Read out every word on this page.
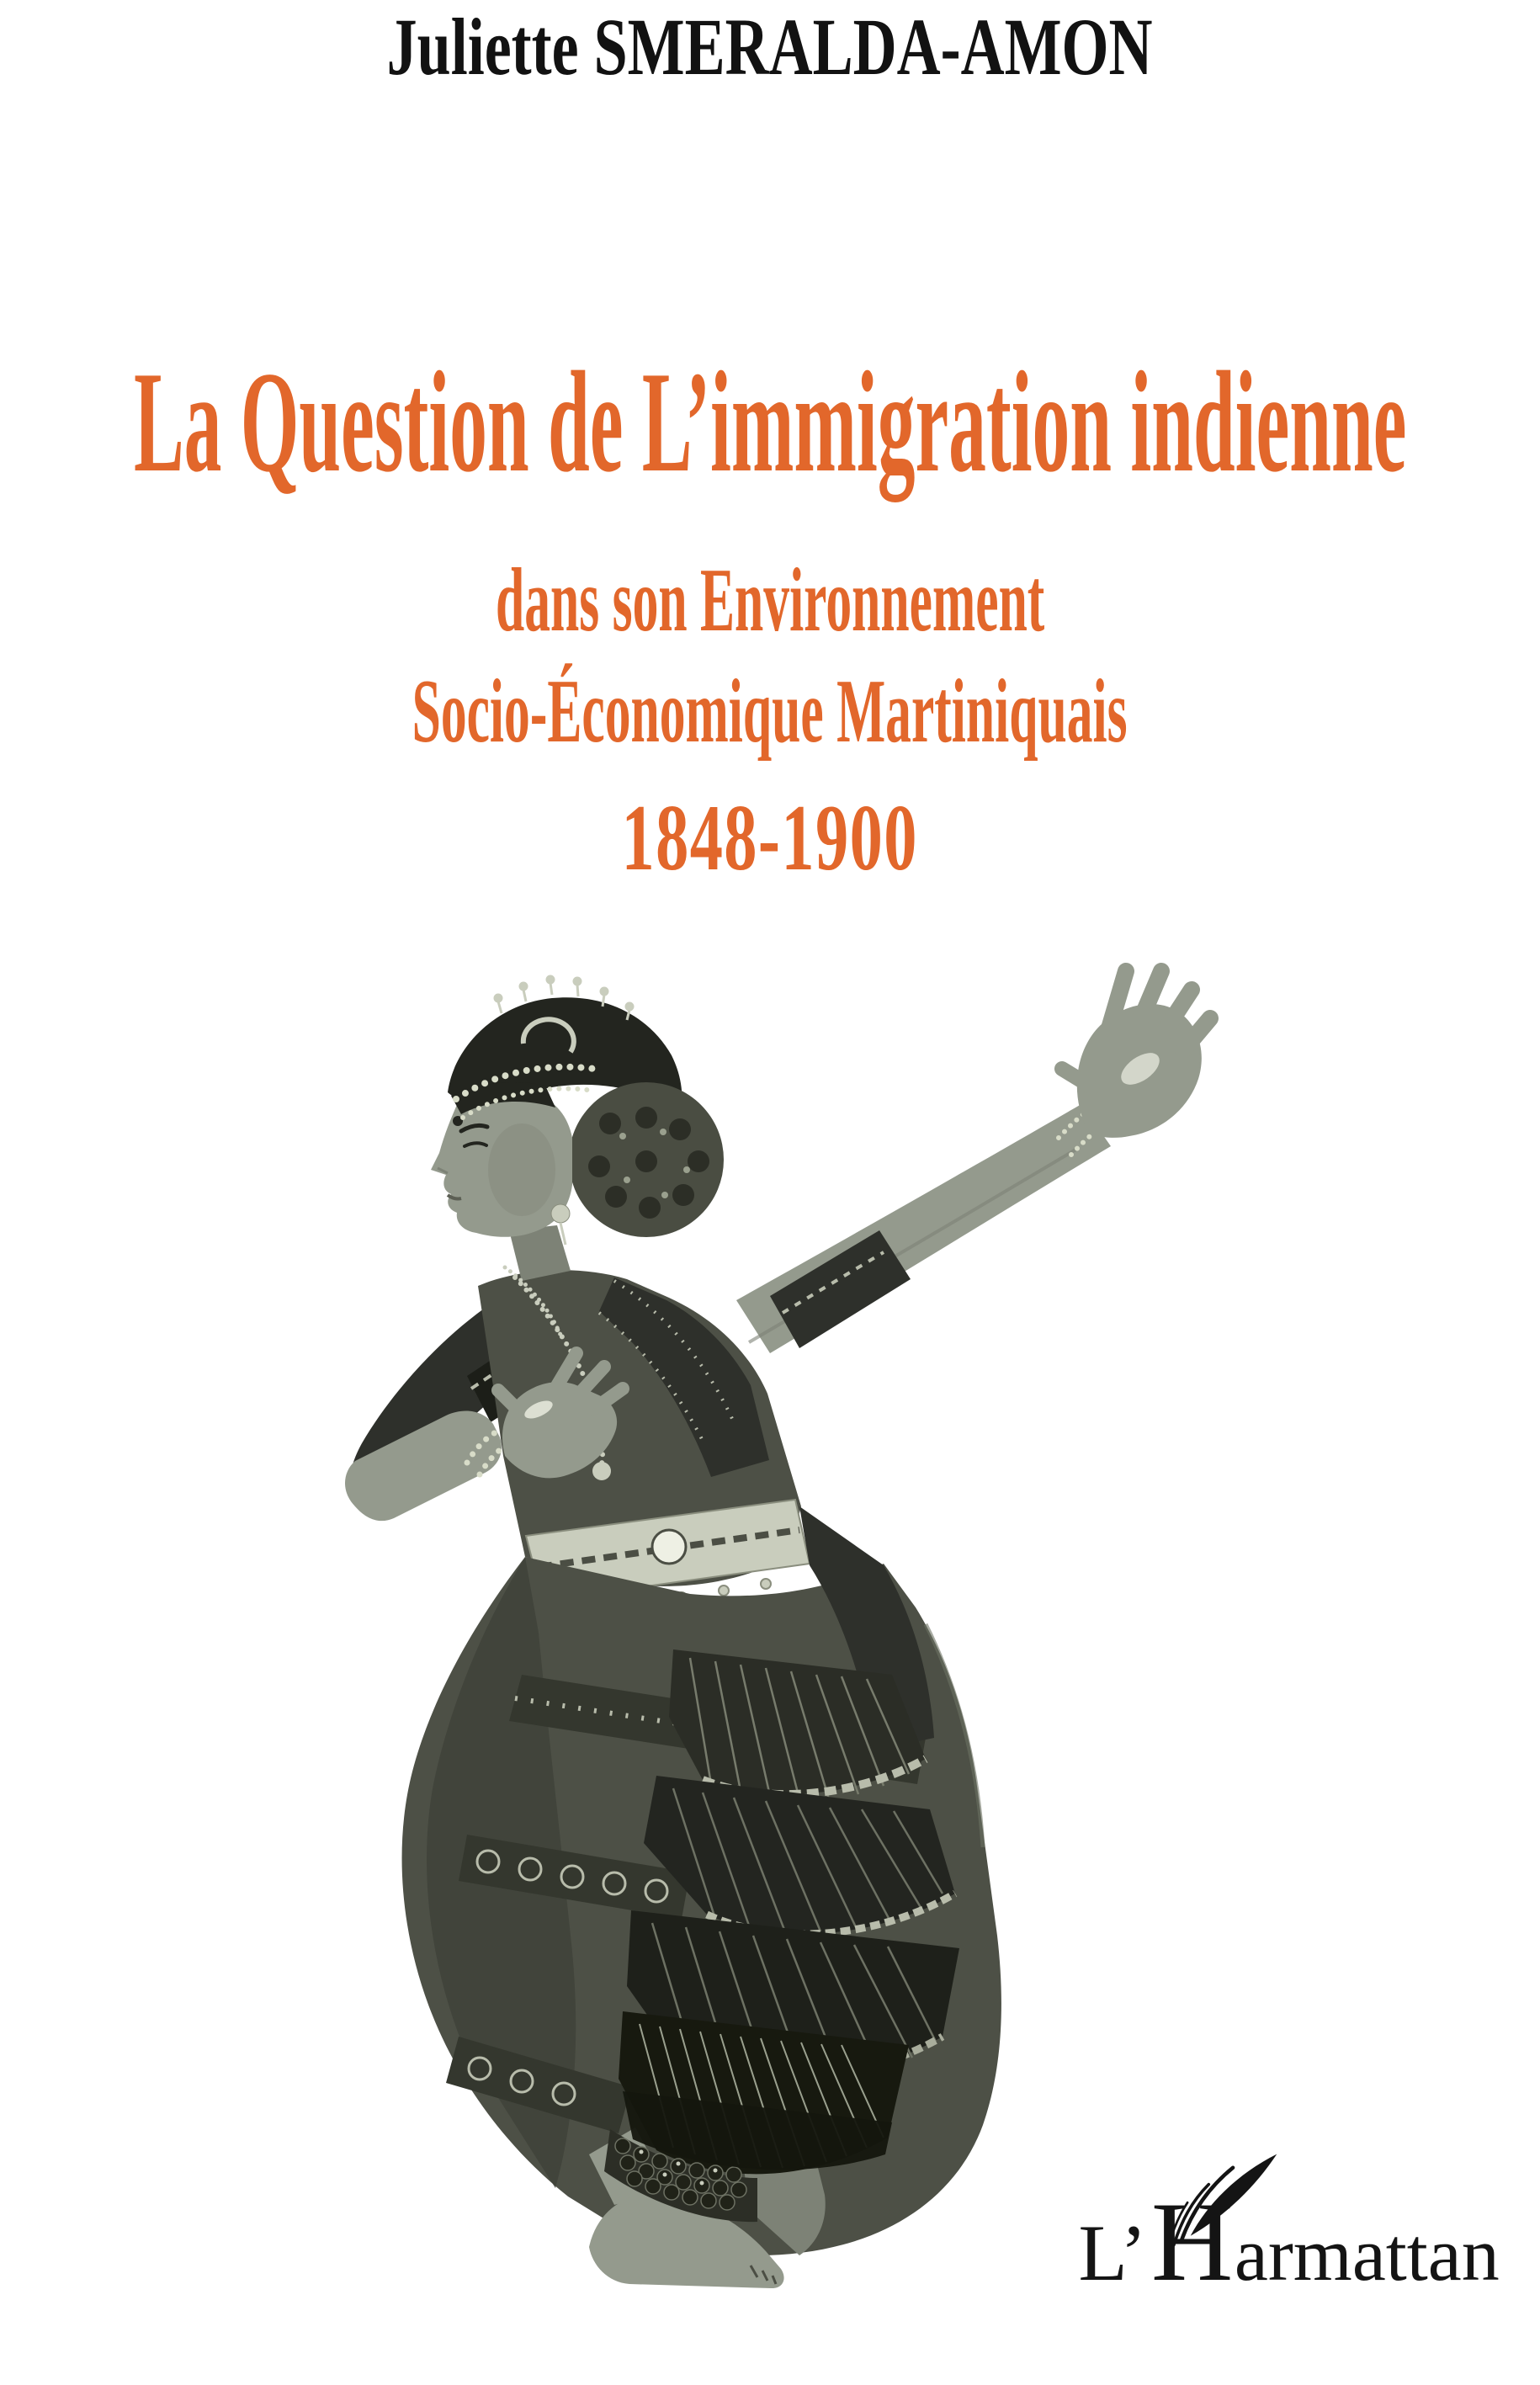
Juliette SMERALDA-AMON
La Question de L’immigration indienne
dans son Environnement
Socio-Économique Martiniquais
1848-1900
L’ H armattan
